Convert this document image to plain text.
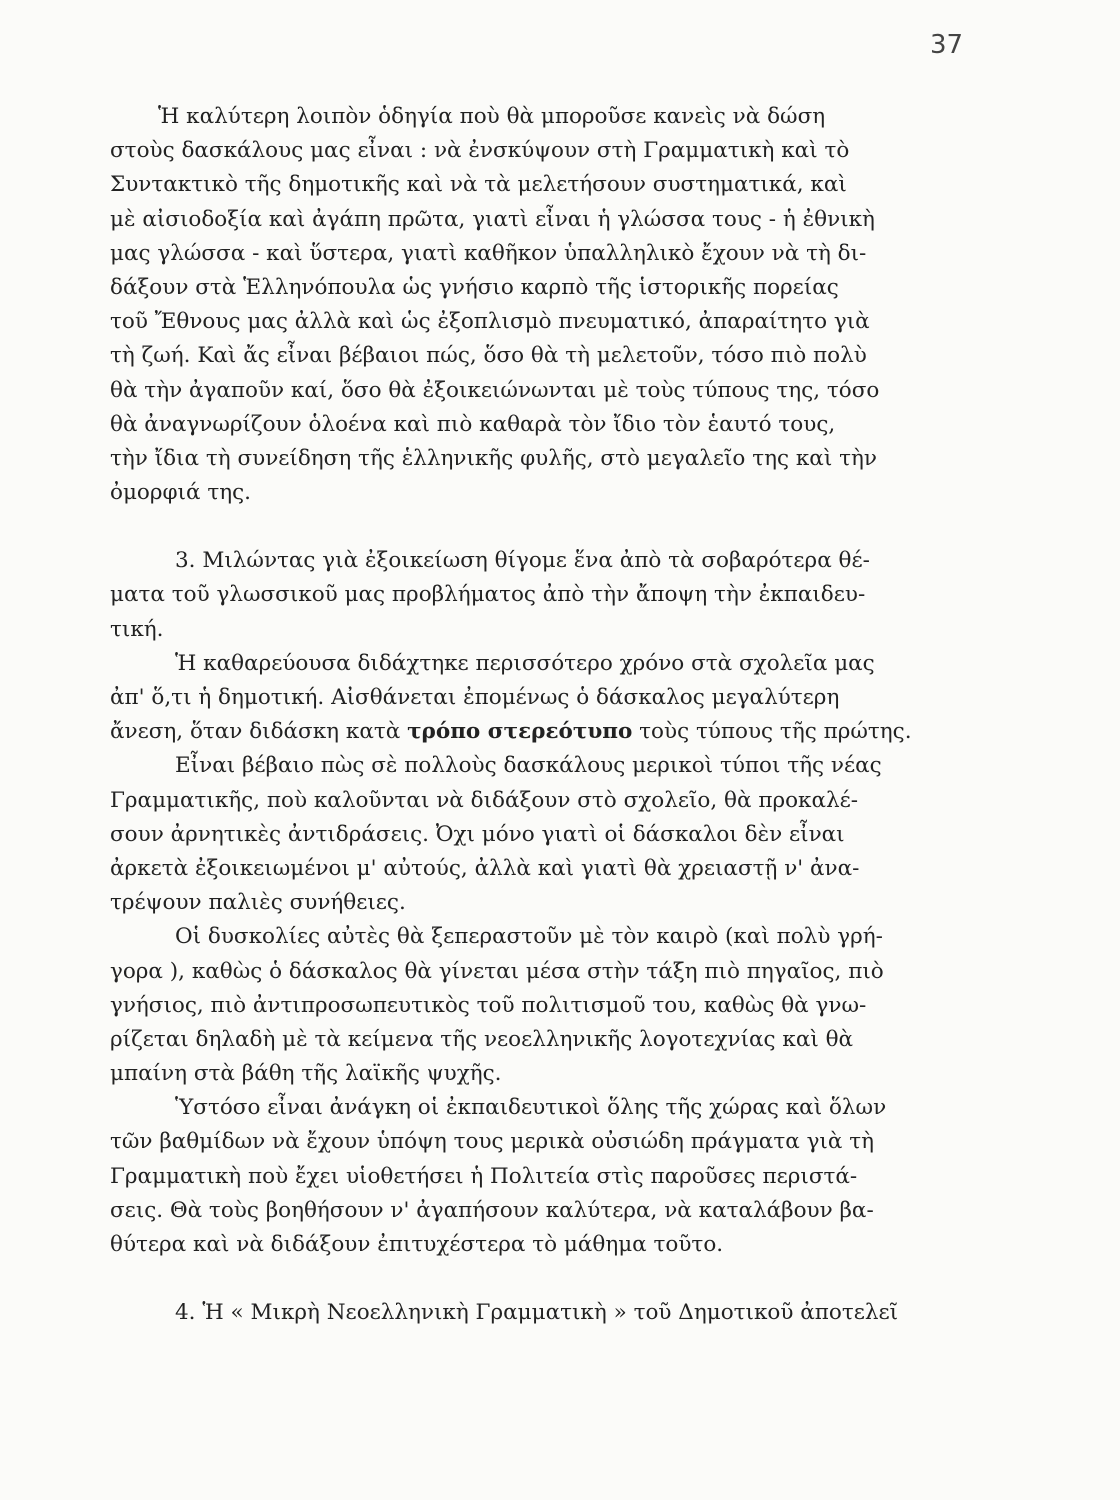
37
Ἡ καλύτερη λοιπὸν ὁδηγία ποὺ θὰ μποροῦσε κανεὶς νὰ δώση
στοὺς δασκάλους μας εἶναι : νὰ ἐνσκύψουν στὴ Γραμματικὴ καὶ τὸ
Συντακτικὸ τῆς δημοτικῆς καὶ νὰ τὰ μελετήσουν συστηματικά, καὶ
μὲ αἰσιοδοξία καὶ ἀγάπη πρῶτα, γιατὶ εἶναι ἡ γλώσσα τους - ἡ ἐθνικὴ
μας γλώσσα - καὶ ὕστερα, γιατὶ καθῆκον ὑπαλληλικὸ ἔχουν νὰ τὴ δι-
δάξουν στὰ Ἑλληνόπουλα ὡς γνήσιο καρπὸ τῆς ἱστορικῆς πορείας
τοῦ Ἔθνους μας ἀλλὰ καὶ ὡς ἐξοπλισμὸ πνευματικό, ἀπαραίτητο γιὰ
τὴ ζωή. Καὶ ἄς εἶναι βέβαιοι πώς, ὅσο θὰ τὴ μελετοῦν, τόσο πιὸ πολὺ
θὰ τὴν ἀγαποῦν καί, ὅσο θὰ ἐξοικειώνωνται μὲ τοὺς τύπους της, τόσο
θὰ ἀναγνωρίζουν ὁλοένα καὶ πιὸ καθαρὰ τὸν ἴδιο τὸν ἑαυτό τους,
τὴν ἴδια τὴ συνείδηση τῆς ἑλληνικῆς φυλῆς, στὸ μεγαλεῖο της καὶ τὴν
ὀμορφιά της.
3. Μιλώντας γιὰ ἐξοικείωση θίγομε ἕνα ἀπὸ τὰ σοβαρότερα θέ-
ματα τοῦ γλωσσικοῦ μας προβλήματος ἀπὸ τὴν ἄποψη τὴν ἐκπαιδευ-
τική.
Ἡ καθαρεύουσα διδάχτηκε περισσότερο χρόνο στὰ σχολεῖα μας
ἀπ' ὅ,τι ἡ δημοτική. Αἰσθάνεται ἐπομένως ὁ δάσκαλος μεγαλύτερη
ἄνεση, ὅταν διδάσκη κατὰ τρόπο στερεότυπο τοὺς τύπους τῆς πρώτης.
Εἶναι βέβαιο πὼς σὲ πολλοὺς δασκάλους μερικοὶ τύποι τῆς νέας
Γραμματικῆς, ποὺ καλοῦνται νὰ διδάξουν στὸ σχολεῖο, θὰ προκαλέ-
σουν ἀρνητικὲς ἀντιδράσεις. Ὀχι μόνο γιατὶ οἱ δάσκαλοι δὲν εἶναι
ἀρκετὰ ἐξοικειωμένοι μ' αὐτούς, ἀλλὰ καὶ γιατὶ θὰ χρειαστῇ ν' ἀνα-
τρέψουν παλιὲς συνήθειες.
Οἱ δυσκολίες αὐτὲς θὰ ξεπεραστοῦν μὲ τὸν καιρὸ (καὶ πολὺ γρή-
γορα ), καθὼς ὁ δάσκαλος θὰ γίνεται μέσα στὴν τάξη πιὸ πηγαῖος, πιὸ
γνήσιος, πιὸ ἀντιπροσωπευτικὸς τοῦ πολιτισμοῦ του, καθὼς θὰ γνω-
ρίζεται δηλαδὴ μὲ τὰ κείμενα τῆς νεοελληνικῆς λογοτεχνίας καὶ θὰ
μπαίνη στὰ βάθη τῆς λαϊκῆς ψυχῆς.
Ὑστόσο εἶναι ἀνάγκη οἱ ἐκπαιδευτικοὶ ὅλης τῆς χώρας καὶ ὅλων
τῶν βαθμίδων νὰ ἔχουν ὑπόψη τους μερικὰ οὐσιώδη πράγματα γιὰ τὴ
Γραμματικὴ ποὺ ἔχει υἱοθετήσει ἡ Πολιτεία στὶς παροῦσες περιστά-
σεις. Θὰ τοὺς βοηθήσουν ν' ἀγαπήσουν καλύτερα, νὰ καταλάβουν βα-
θύτερα καὶ νὰ διδάξουν ἐπιτυχέστερα τὸ μάθημα τοῦτο.
4. Ἡ « Μικρὴ Νεοελληνικὴ Γραμματικὴ » τοῦ Δημοτικοῦ ἀποτελεῖ
